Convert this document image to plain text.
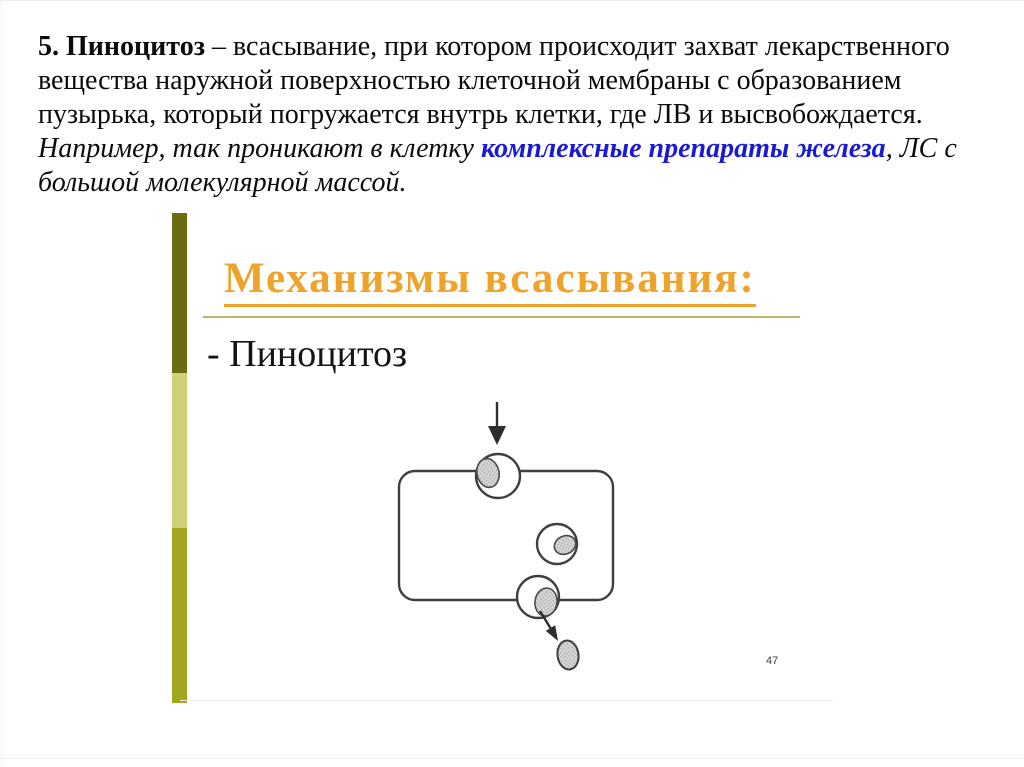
5. Пиноцитоз – всасывание, при котором происходит захват лекарственного
вещества наружной поверхностью клеточной мембраны с образованием
пузырька, который погружается внутрь клетки, где ЛВ и высвобождается.
Например, так проникают в клетку комплексные препараты железа, ЛС с
большой молекулярной массой.
Механизмы всасывания:
- Пиноцитоз
47
